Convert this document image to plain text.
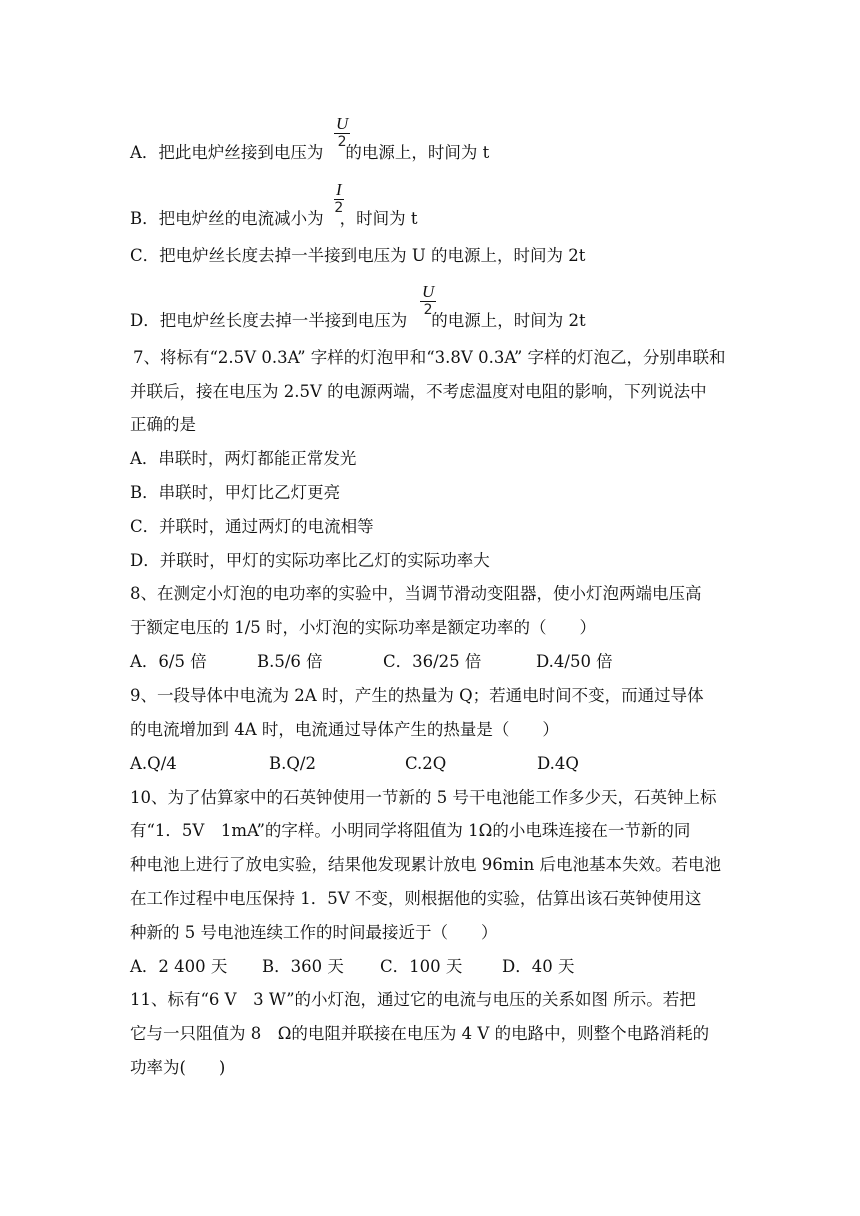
A．把此电炉丝接到电压为 的电源上，时间为 t
U
2
B．把电炉丝的电流减小为 ，时间为 t
I
2
C．把电炉丝长度去掉一半接到电压为 U 的电源上，时间为 2t
D．把电炉丝长度去掉一半接到电压为 的电源上，时间为 2t
U
2
7、将标有“2.5V 0.3A” 字样的灯泡甲和“3.8V 0.3A” 字样的灯泡乙，分别串联和
并联后，接在电压为 2.5V 的电源两端，不考虑温度对电阻的影响，下列说法中
正确的是
A．串联时，两灯都能正常发光
B．串联时，甲灯比乙灯更亮
C．并联时，通过两灯的电流相等
D．并联时，甲灯的实际功率比乙灯的实际功率大
8、在测定小灯泡的电功率的实验中，当调节滑动变阻器，使小灯泡两端电压高
于额定电压的 1/5 时，小灯泡的实际功率是额定功率的（　　）
A．6/5 倍	B.5/6 倍	C．36/25 倍	D.4/50 倍
9、一段导体中电流为 2A 时，产生的热量为 Q；若通电时间不变，而通过导体
的电流增加到 4A 时，电流通过导体产生的热量是（　　）
A.Q/4	B.Q/2	C.2Q	D.4Q
10、为了估算家中的石英钟使用一节新的 5 号干电池能工作多少天，石英钟上标
有“1．5V　1mA”的字样。小明同学将阻值为 1Ω的小电珠连接在一节新的同
种电池上进行了放电实验，结果他发现累计放电 96min 后电池基本失效。若电池
在工作过程中电压保持 1．5V 不变，则根据他的实验，估算出该石英钟使用这
种新的 5 号电池连续工作的时间最接近于（　　）
A．2 400 天 B．360 天 C．100 天 D．40 天
11、标有“6 V　3 W”的小灯泡，通过它的电流与电压的关系如图 所示。若把
它与一只阻值为 8　Ω的电阻并联接在电压为 4 V 的电路中，则整个电路消耗的
功率为(　　)
